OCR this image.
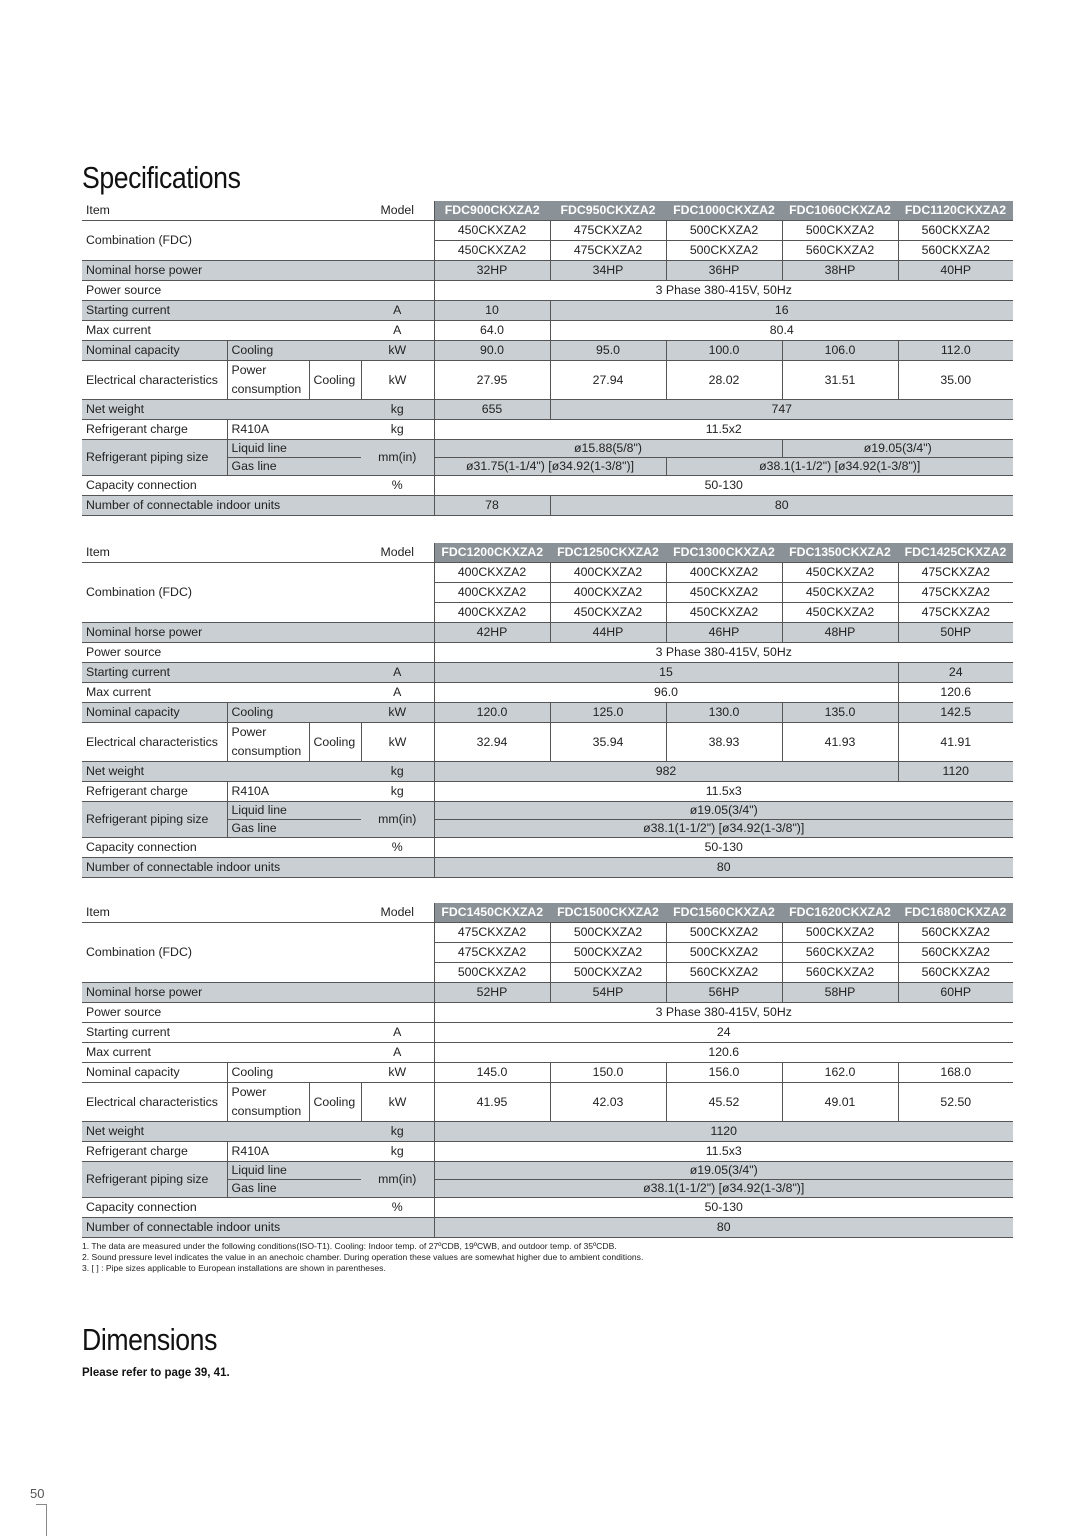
Specifications
Item			Model	FDC900CKXZA2	FDC950CKXZA2	FDC1000CKXZA2	FDC1060CKXZA2	FDC1120CKXZA2
Combination (FDC)				450CKXZA2	475CKXZA2	500CKXZA2	500CKXZA2	560CKXZA2
				450CKXZA2	475CKXZA2	500CKXZA2	560CKXZA2	560CKXZA2
Nominal horse power				32HP	34HP	36HP	38HP	40HP
Power source				3 Phase 380-415V, 50Hz				
Starting current			A	10	16			
Max current			A	64.0	80.4			
Nominal capacity	Cooling		kW	90.0	95.0	100.0	106.0	112.0
Electrical characteristics	Power consumption	Cooling	kW	27.95	27.94	28.02	31.51	35.00
Net weight			kg	655	747			
Refrigerant charge	R410A		kg	11.5x2				
Refrigerant piping size	Liquid line		mm(in)	ø15.88(5/8")			ø19.05(3/4")	
	Gas line			ø31.75(1-1/4") [ø34.92(1-3/8")]		ø38.1(1-1/2") [ø34.92(1-3/8")]		
Capacity connection			%	50-130				
Number of connectable indoor units				78	80			
Item			Model	FDC1200CKXZA2	FDC1250CKXZA2	FDC1300CKXZA2	FDC1350CKXZA2	FDC1425CKXZA2
Combination (FDC)				400CKXZA2	400CKXZA2	400CKXZA2	450CKXZA2	475CKXZA2
				400CKXZA2	400CKXZA2	450CKXZA2	450CKXZA2	475CKXZA2
				400CKXZA2	450CKXZA2	450CKXZA2	450CKXZA2	475CKXZA2
Nominal horse power				42HP	44HP	46HP	48HP	50HP
Power source				3 Phase 380-415V, 50Hz				
Starting current			A	15				24
Max current			A	96.0				120.6
Nominal capacity	Cooling		kW	120.0	125.0	130.0	135.0	142.5
Electrical characteristics	Power consumption	Cooling	kW	32.94	35.94	38.93	41.93	41.91
Net weight			kg	982				1120
Refrigerant charge	R410A		kg	11.5x3				
Refrigerant piping size	Liquid line		mm(in)	ø19.05(3/4")				
	Gas line			ø38.1(1-1/2") [ø34.92(1-3/8")]				
Capacity connection			%	50-130				
Number of connectable indoor units				80				
Item			Model	FDC1450CKXZA2	FDC1500CKXZA2	FDC1560CKXZA2	FDC1620CKXZA2	FDC1680CKXZA2
Combination (FDC)				475CKXZA2	500CKXZA2	500CKXZA2	500CKXZA2	560CKXZA2
				475CKXZA2	500CKXZA2	500CKXZA2	560CKXZA2	560CKXZA2
				500CKXZA2	500CKXZA2	560CKXZA2	560CKXZA2	560CKXZA2
Nominal horse power				52HP	54HP	56HP	58HP	60HP
Power source				3 Phase 380-415V, 50Hz				
Starting current			A	24				
Max current			A	120.6				
Nominal capacity	Cooling		kW	145.0	150.0	156.0	162.0	168.0
Electrical characteristics	Power consumption	Cooling	kW	41.95	42.03	45.52	49.01	52.50
Net weight			kg	1120				
Refrigerant charge	R410A		kg	11.5x3				
Refrigerant piping size	Liquid line		mm(in)	ø19.05(3/4")				
	Gas line			ø38.1(1-1/2") [ø34.92(1-3/8")]				
Capacity connection			%	50-130				
Number of connectable indoor units				80				
1. The data are measured under the following conditions(ISO-T1). Cooling: Indoor temp. of 27ºCDB, 19ºCWB, and outdoor temp. of 35ºCDB.
2. Sound pressure level indicates the value in an anechoic chamber. During operation these values are somewhat higher due to ambient conditions.
3. [ ] : Pipe sizes applicable to European installations are shown in parentheses.
Dimensions
Please refer to page 39, 41.
50
